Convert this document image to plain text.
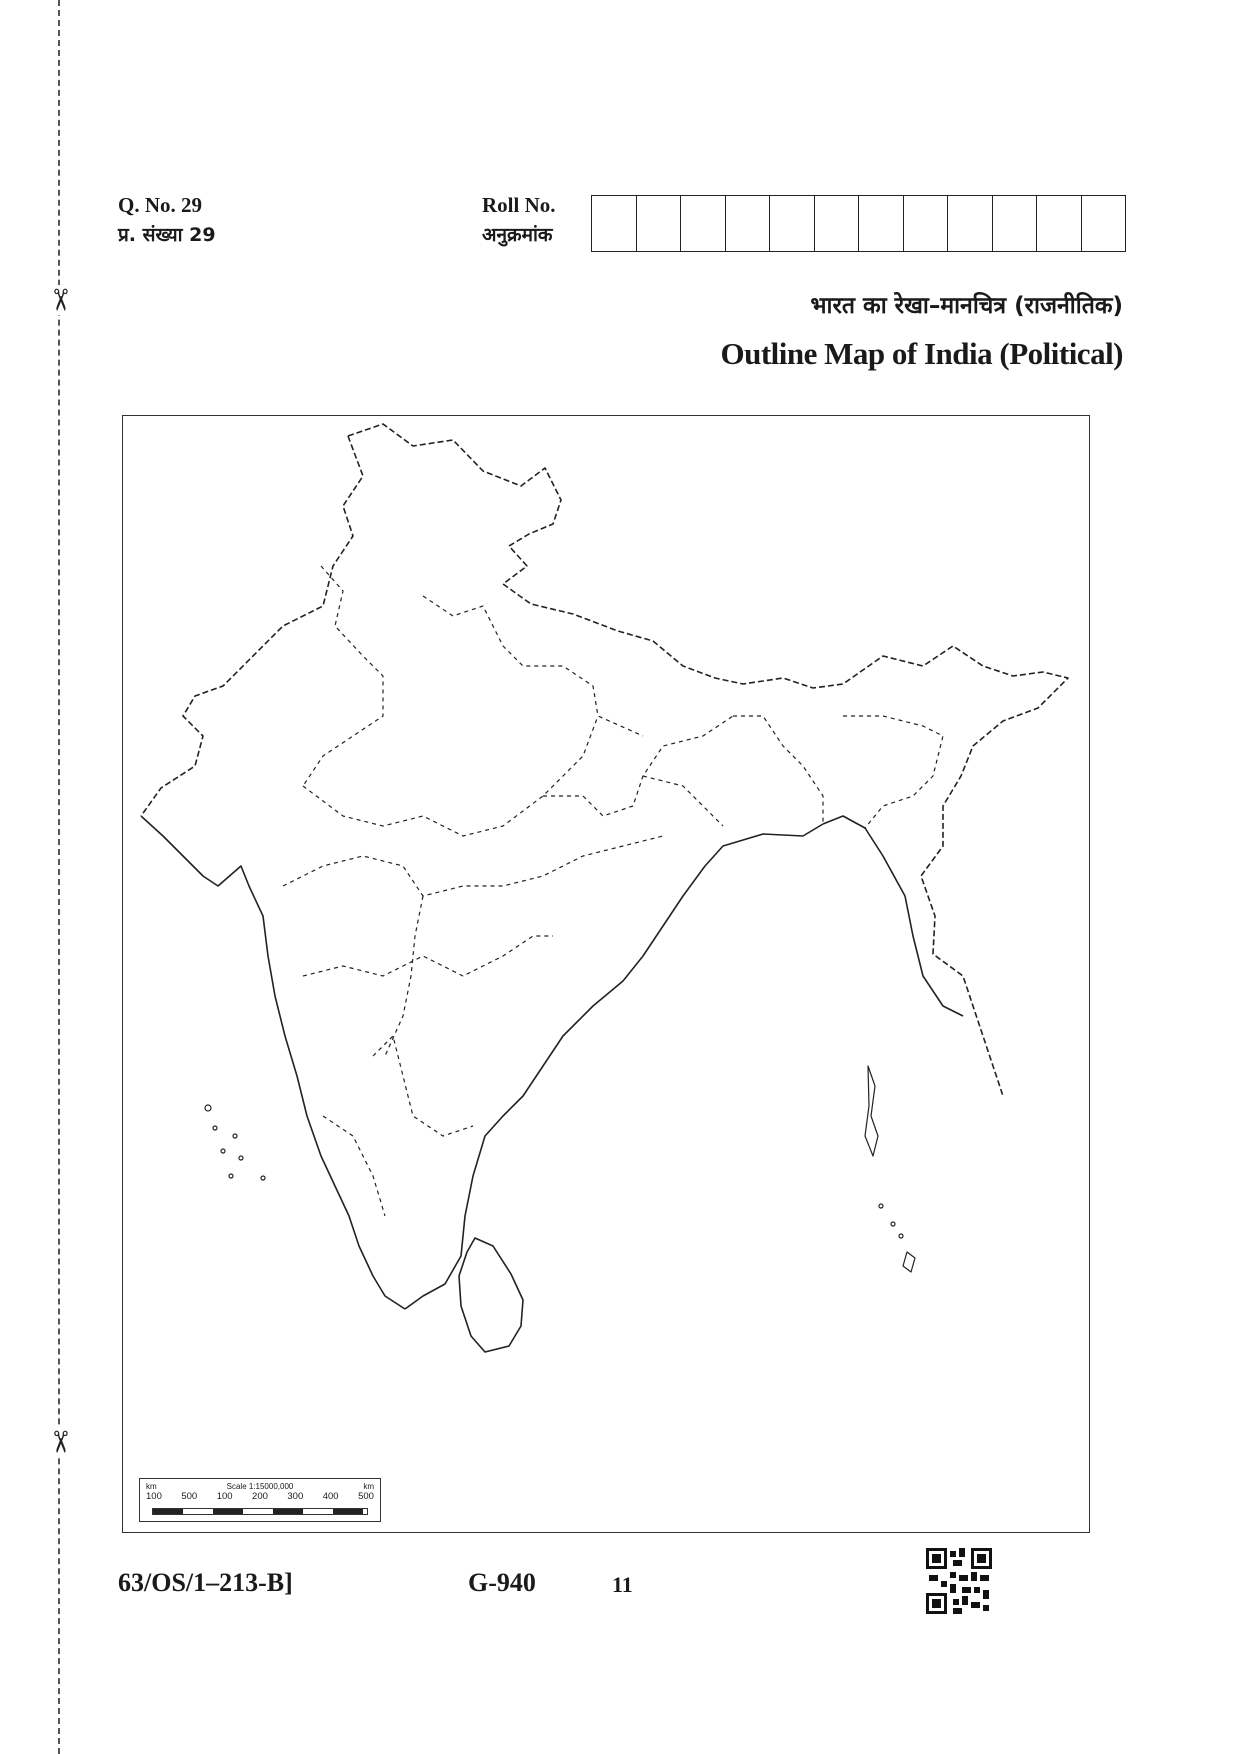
✂
✂
Q. No. 29
प्र. संख्या 29
Roll No.
अनुक्रमांक
भारत का रेखा–मानचित्र (राजनीतिक)
Outline Map of India (Political)
km	Scale 1:15000,000	km
100 500 100 200 300 400 500
63/OS/1–213-B]	G-940	11
